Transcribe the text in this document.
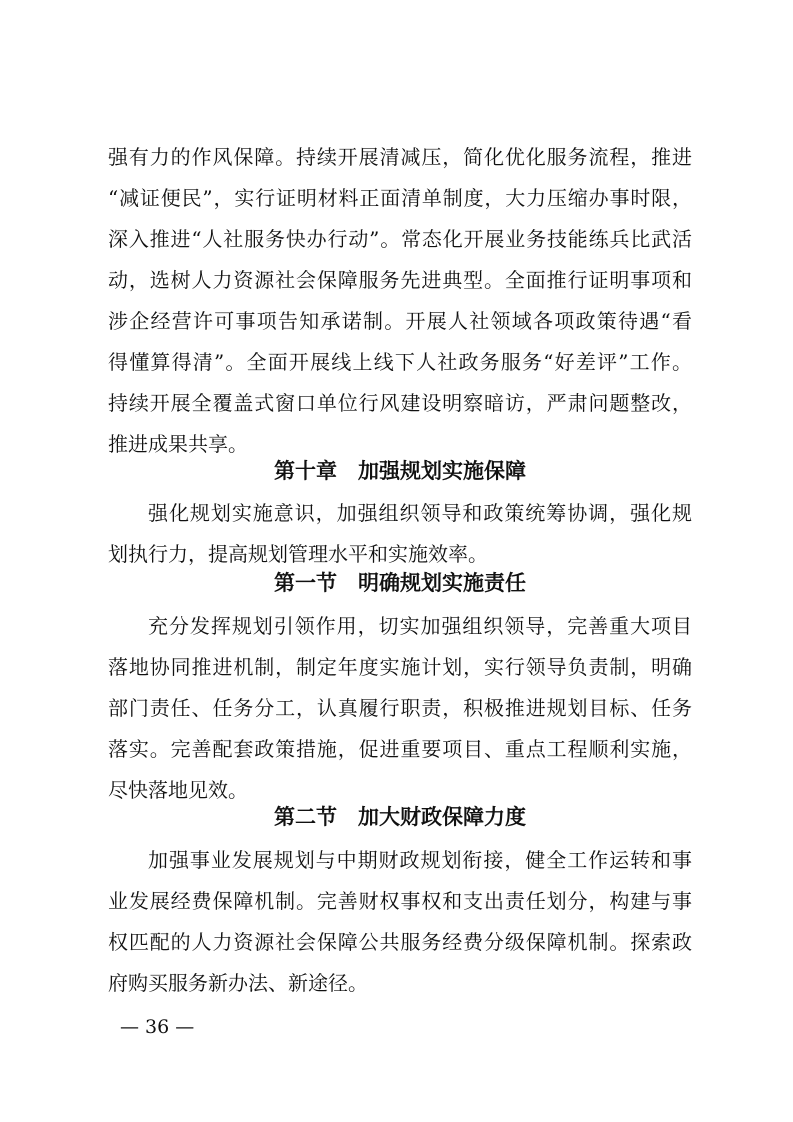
强有力的作风保障。持续开展清减压，简化优化服务流程，推进
“减证便民”，实行证明材料正面清单制度，大力压缩办事时限，
深入推进“人社服务快办行动”。常态化开展业务技能练兵比武活
动，选树人力资源社会保障服务先进典型。全面推行证明事项和
涉企经营许可事项告知承诺制。开展人社领域各项政策待遇“看
得懂算得清”。全面开展线上线下人社政务服务“好差评”工作。
持续开展全覆盖式窗口单位行风建设明察暗访，严肃问题整改，
推进成果共享。
第十章　加强规划实施保障
强化规划实施意识，加强组织领导和政策统筹协调，强化规
划执行力，提高规划管理水平和实施效率。
第一节　明确规划实施责任
充分发挥规划引领作用，切实加强组织领导，完善重大项目
落地协同推进机制，制定年度实施计划，实行领导负责制，明确
部门责任、任务分工，认真履行职责，积极推进规划目标、任务
落实。完善配套政策措施，促进重要项目、重点工程顺利实施，
尽快落地见效。
第二节　加大财政保障力度
加强事业发展规划与中期财政规划衔接，健全工作运转和事
业发展经费保障机制。完善财权事权和支出责任划分，构建与事
权匹配的人力资源社会保障公共服务经费分级保障机制。探索政
府购买服务新办法、新途径。
— 36 —
